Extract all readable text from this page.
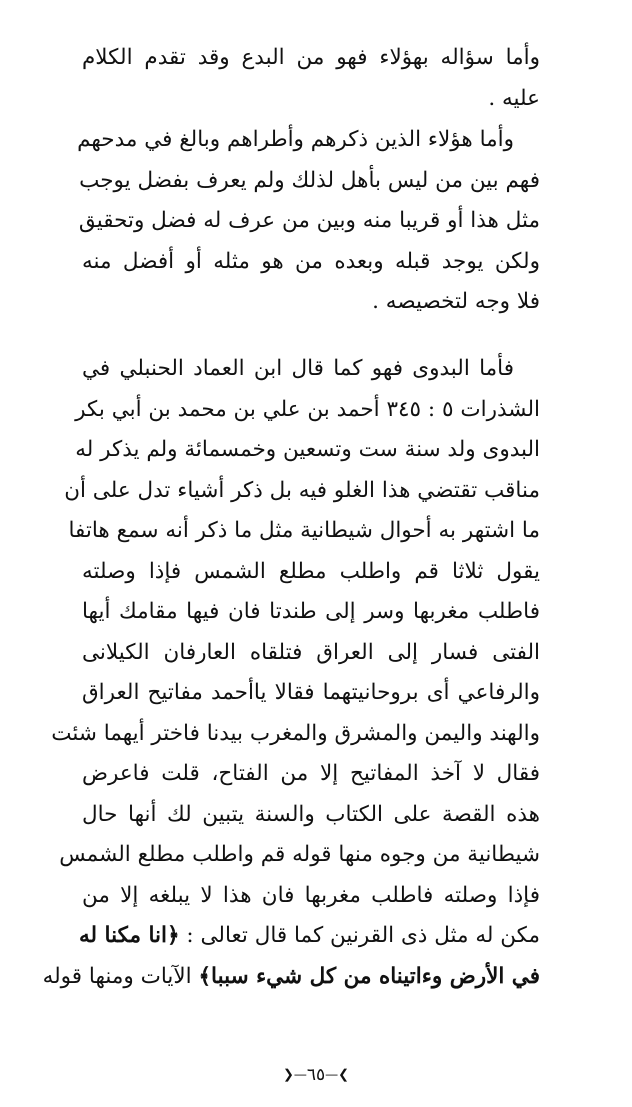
وأما سؤاله بهؤلاء فهو من البدع وقد تقدم الكلام
عليه .
وأما هؤلاء الذين ذكرهم وأطراهم وبالغ في مدحهم
فهم بين من ليس بأهل لذلك ولم يعرف بفضل يوجب
مثل هذا أو قريبا منه وبين من عرف له فضل وتحقيق
ولكن يوجد قبله وبعده من هو مثله أو أفضل منه
فلا وجه لتخصيصه .
فأما البدوى فهو كما قال ابن العماد الحنبلي في
الشذرات ٥ : ٣٤٥ أحمد بن علي بن محمد بن أبي بكر
البدوى ولد سنة ست وتسعين وخمسمائة ولم يذكر له
مناقب تقتضي هذا الغلو فيه بل ذكر أشياء تدل على أن
ما اشتهر به أحوال شيطانية مثل ما ذكر أنه سمع هاتفا
يقول ثلاثا قم واطلب مطلع الشمس فإذا وصلته
فاطلب مغربها وسر إلى طندتا فان فيها مقامك أيها
الفتى فسار إلى العراق فتلقاه العارفان الكيلانى
والرفاعي أى بروحانيتهما فقالا ياأحمد مفاتيح العراق
والهند واليمن والمشرق والمغرب بيدنا فاختر أيهما شئت
فقال لا آخذ المفاتيح إلا من الفتاح، قلت فاعرض
هذه القصة على الكتاب والسنة يتبين لك أنها حال
شيطانية من وجوه منها قوله قم واطلب مطلع الشمس
فإذا وصلته فاطلب مغربها فان هذا لا يبلغه إلا من
مكن له مثل ذى القرنين كما قال تعالى : ﴿انا مكنا له
في الأرض وءاتيناه من كل شيء سببا﴾ الآيات ومنها قوله
❯—٦٥—❮
